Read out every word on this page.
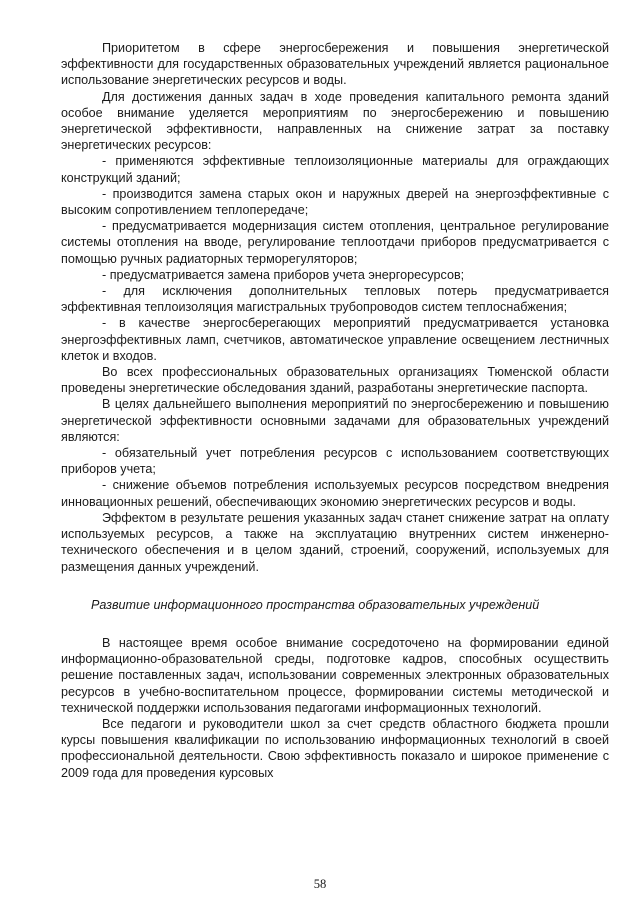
Приоритетом в сфере энергосбережения и повышения энергетической эффективности для государственных образовательных учреждений является рациональное использование энергетических ресурсов и воды.

Для достижения данных задач в ходе проведения капитального ремонта зданий особое внимание уделяется мероприятиям по энергосбережению и повышению энергетической эффективности, направленных на снижение затрат за поставку энергетических ресурсов:

- применяются эффективные теплоизоляционные материалы для ограждающих конструкций зданий;

- производится замена старых окон и наружных дверей на энергоэффективные с высоким сопротивлением теплопередаче;

- предусматривается модернизация систем отопления, центральное регулирование системы отопления на вводе, регулирование теплоотдачи приборов предусматривается с помощью ручных радиаторных терморегуляторов;

- предусматривается замена приборов учета энергоресурсов;

- для исключения дополнительных тепловых потерь предусматривается эффективная теплоизоляция магистральных трубопроводов систем теплоснабжения;

- в качестве энергосберегающих мероприятий предусматривается установка энергоэффективных ламп, счетчиков, автоматическое управление освещением лестничных клеток и входов.

Во всех профессиональных образовательных организациях Тюменской области проведены энергетические обследования зданий, разработаны энергетические паспорта.

В целях дальнейшего выполнения мероприятий по энергосбережению и повышению энергетической эффективности основными задачами для образовательных учреждений являются:

- обязательный учет потребления ресурсов с использованием соответствующих приборов учета;

- снижение объемов потребления используемых ресурсов посредством внедрения инновационных решений, обеспечивающих экономию энергетических ресурсов и воды.

Эффектом в результате решения указанных задач станет снижение затрат на оплату используемых ресурсов, а также на эксплуатацию внутренних систем инженерно-технического обеспечения и в целом зданий, строений, сооружений, используемых для размещения данных учреждений.

Развитие информационного пространства образовательных учреждений

В настоящее время особое внимание сосредоточено на формировании единой информационно-образовательной среды, подготовке кадров, способных осуществить решение поставленных задач, использовании современных электронных образовательных ресурсов в учебно-воспитательном процессе, формировании системы методической и технической поддержки использования педагогами информационных технологий.

Все педагоги и руководители школ за счет средств областного бюджета прошли курсы повышения квалификации по использованию информационных технологий в своей профессиональной деятельности. Свою эффективность показало и широкое применение с 2009 года для проведения курсовых

58
